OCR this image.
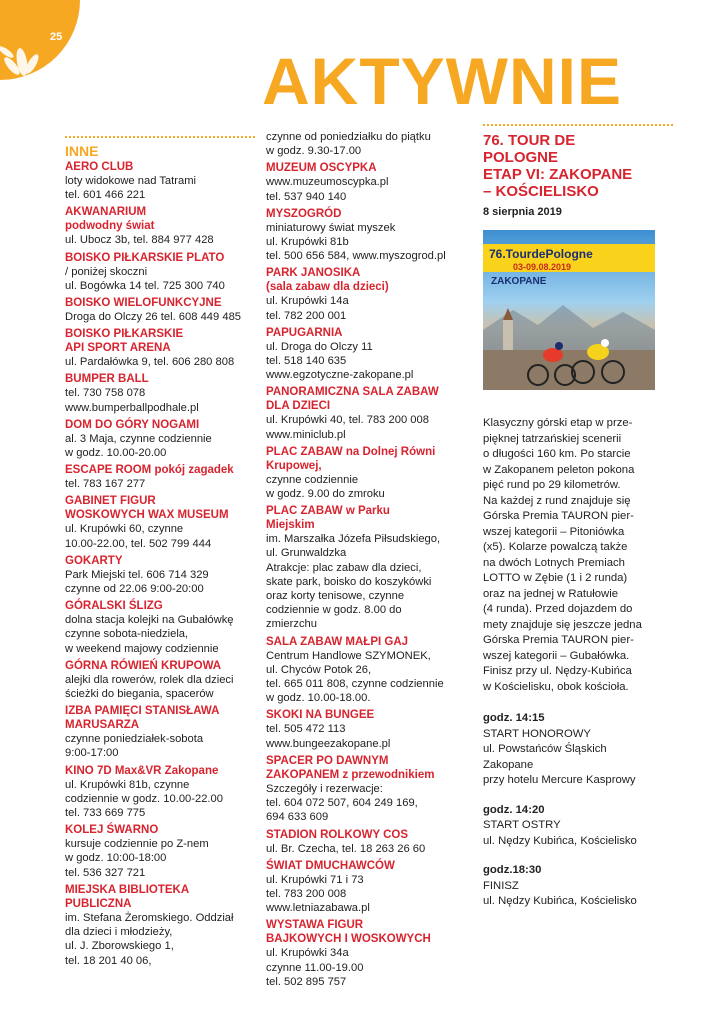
25
AKTYWNIE
INNE
AERO CLUB
loty widokowe nad Tatrami
tel. 601 466 221
AKWANARIUM
podwodny świat
ul. Ubocz 3b, tel. 884 977 428
BOISKO PIŁKARSKIE PLATO
/ poniżej skoczni
ul. Bogówka 14 tel. 725 300 740
BOISKO WIELOFUNKCYJNE
Droga do Olczy 26 tel. 608 449 485
BOISKO PIŁKARSKIE
API SPORT ARENA
ul. Pardałówka 9, tel. 606 280 808
BUMPER BALL
tel. 730 758 078
www.bumperballpodhale.pl
DOM DO GÓRY NOGAMI
al. 3 Maja, czynne codziennie
w godz. 10.00-20.00
ESCAPE ROOM pokój zagadek
tel. 783 167 277
GABINET FIGUR
WOSKOWYCH WAX MUSEUM
ul. Krupówki 60, czynne
10.00-22.00, tel. 502 799 444
GOKARTY
Park Miejski tel. 606 714 329
czynne od 22.06 9:00-20:00
GÓRALSKI ŚLIZG
dolna stacja kolejki na Gubałówkę
czynne sobota-niedziela,
w weekend majowy codziennie
GÓRNA RÓWIEŃ KRUPOWA
alejki dla rowerów, rolek dla dzieci
ścieżki do biegania, spacerów
IZBA PAMIĘCI STANISŁAWA
MARUSARZA
czynne poniedziałek-sobota
9:00-17:00
KINO 7D Max&VR Zakopane
ul. Krupówki 81b, czynne
codziennie w godz. 10.00-22.00
tel. 733 669 775
KOLEJ ŚWARNO
kursuje codziennie po Z-nem
w godz. 10:00-18:00
tel. 536 327 721
MIEJSKA BIBLIOTEKA
PUBLICZNA
im. Stefana Żeromskiego. Oddział
dla dzieci i młodzieży,
ul. J. Zborowskiego 1,
tel. 18 201 40 06,
czynne od poniedziałku do piątku
w godz. 9.30-17.00
MUZEUM OSCYPKA
www.muzeumoscypka.pl
tel. 537 940 140
MYSZOGRÓD
miniaturowy świat myszek
ul. Krupówki 81b
tel. 500 656 584, www.myszogrod.pl
PARK JANOSIKA
(sala zabaw dla dzieci)
ul. Krupówki 14a
tel. 782 200 001
PAPUGARNIA
ul. Droga do Olczy 11
tel. 518 140 635
www.egzotyczne-zakopane.pl
PANORAMICZNA SALA ZABAW
DLA DZIECI
ul. Krupówki 40, tel. 783 200 008
www.miniclub.pl
PLAC ZABAW na Dolnej Równi
Krupowej,
czynne codziennie
w godz. 9.00 do zmroku
PLAC ZABAW w Parku
Miejskim
im. Marszałka Józefa Piłsudskiego,
ul. Grunwaldzka
Atrakcje: plac zabaw dla dzieci,
skate park, boisko do koszykówki
oraz korty tenisowe, czynne
codziennie w godz. 8.00 do
zmierzchu
SALA ZABAW MAŁPI GAJ
Centrum Handlowe SZYMONEK,
ul. Chyców Potok 26,
tel. 665 011 808, czynne codziennie
w godz. 10.00-18.00.
SKOKI NA BUNGEE
tel. 505 472 113
www.bungeezakopane.pl
SPACER PO DAWNYM
ZAKOPANEM z przewodnikiem
Szczegóły i rezerwacje:
tel. 604 072 507, 604 249 169,
694 633 609
STADION ROLKOWY COS
ul. Br. Czecha, tel. 18 263 26 60
ŚWIAT DMUCHAWCÓW
ul. Krupówki 71 i 73
tel. 783 200 008
www.letniazabawa.pl
WYSTAWA FIGUR
BAJKOWYCH I WOSKOWYCH
ul. Krupówki 34a
czynne 11.00-19.00
tel. 502 895 757
76. TOUR DE
POLOGNE
ETAP VI: ZAKOPANE
– KOŚCIELISKO
8 sierpnia 2019
76.TourdePologne
03-09.08.2019
ZAKOPANE
Klasyczny górski etap w prze-
pięknej tatrzańskiej scenerii
o długości 160 km. Po starcie
w Zakopanem peleton pokona
pięć rund po 29 kilometrów.
Na każdej z rund znajduje się
Górska Premia TAURON pier-
wszej kategorii – Pitoniówka
(x5). Kolarze powalczą także
na dwóch Lotnych Premiach
LOTTO w Zębie (1 i 2 runda)
oraz na jednej w Ratułowie
(4 runda). Przed dojazdem do
mety znajduje się jeszcze jedna
Górska Premia TAURON pier-
wszej kategorii – Gubałówka.
Finisz przy ul. Nędzy-Kubińca
w Kościelisku, obok kościoła.
godz. 14:15
START HONOROWY
ul. Powstańców Śląskich
Zakopane
przy hotelu Mercure Kasprowy
godz. 14:20
START OSTRY
ul. Nędzy Kubińca, Kościelisko
godz.18:30
FINISZ
ul. Nędzy Kubińca, Kościelisko
